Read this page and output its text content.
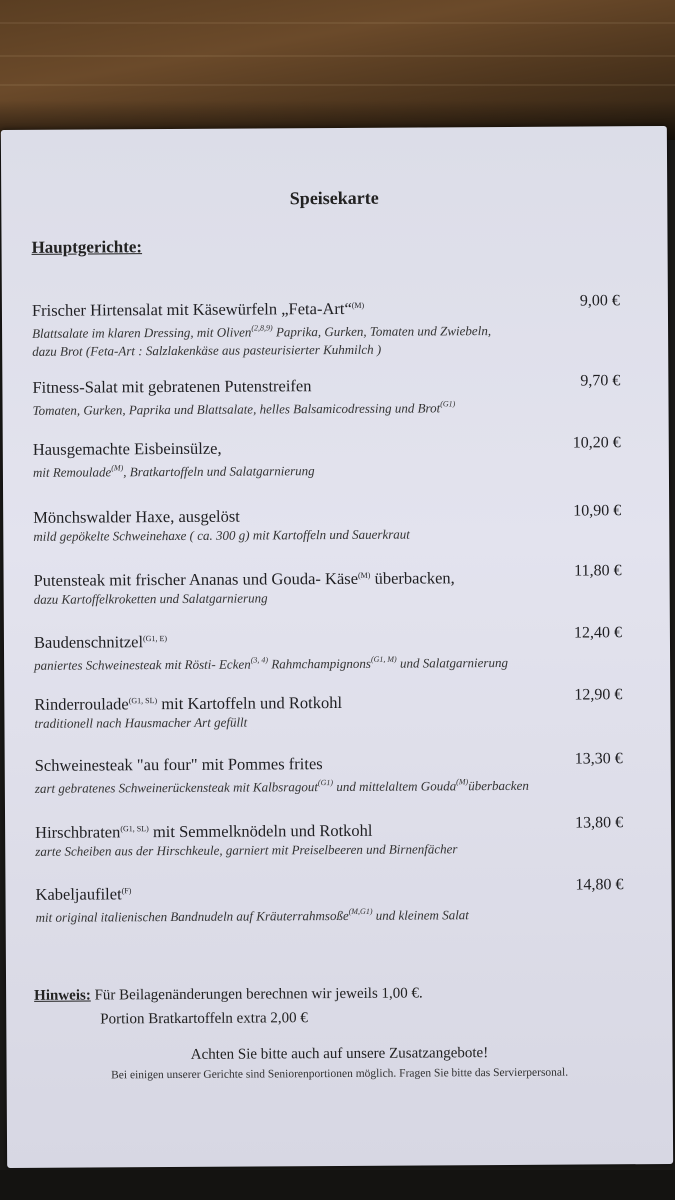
Speisekarte
Hauptgerichte:
Frischer Hirtensalat mit Käsewürfeln „Feta-Art“$^{(M)}$
Blattsalate im klaren Dressing, mit Oliven$^{(2,8,9)}$ Paprika, Gurken, Tomaten und Zwiebeln,
dazu Brot (Feta-Art : Salzlakenkäse aus pasteurisierter Kuhmilch )
9,00 €
Fitness-Salat mit gebratenen Putenstreifen
Tomaten, Gurken, Paprika und Blattsalate, helles Balsamicodressing und Brot$^{(G1)}$
9,70 €
Hausgemachte Eisbeinsülze,
mit Remoulade$^{(M)}$, Bratkartoffeln und Salatgarnierung
10,20 €
Mönchswalder Haxe, ausgelöst
mild gepökelte Schweinehaxe ( ca. 300 g) mit Kartoffeln und Sauerkraut
10,90 €
Putensteak mit frischer Ananas und Gouda- Käse$^{(M)}$ überbacken,
dazu Kartoffelkroketten und Salatgarnierung
11,80 €
Baudenschnitzel$^{(G1, E)}$
paniertes Schweinesteak mit Rösti- Ecken$^{(3, 4)}$ Rahmchampignons$^{(G1, M)}$ und Salatgarnierung
12,40 €
Rinderroulade$^{(G1, SL)}$ mit Kartoffeln und Rotkohl
traditionell nach Hausmacher Art gefüllt
12,90 €
Schweinesteak "au four" mit Pommes frites
zart gebratenes Schweinerückensteak mit Kalbsragout$^{(G1)}$ und mittelaltem Gouda$^{(M)}$überbacken
13,30 €
Hirschbraten$^{(G1, SL)}$ mit Semmelknödeln und Rotkohl
zarte Scheiben aus der Hirschkeule, garniert mit Preiselbeeren und Birnenfächer
13,80 €
Kabeljaufilet$^{(F)}$
mit original italienischen Bandnudeln auf Kräuterrahmsoße$^{(M,G1)}$ und kleinem Salat
14,80 €
Hinweis: Für Beilagenänderungen berechnen wir jeweils 1,00 €.
Portion Bratkartoffeln extra 2,00 €
Achten Sie bitte auch auf unsere Zusatzangebote!
Bei einigen unserer Gerichte sind Seniorenportionen möglich. Fragen Sie bitte das Servierpersonal.
